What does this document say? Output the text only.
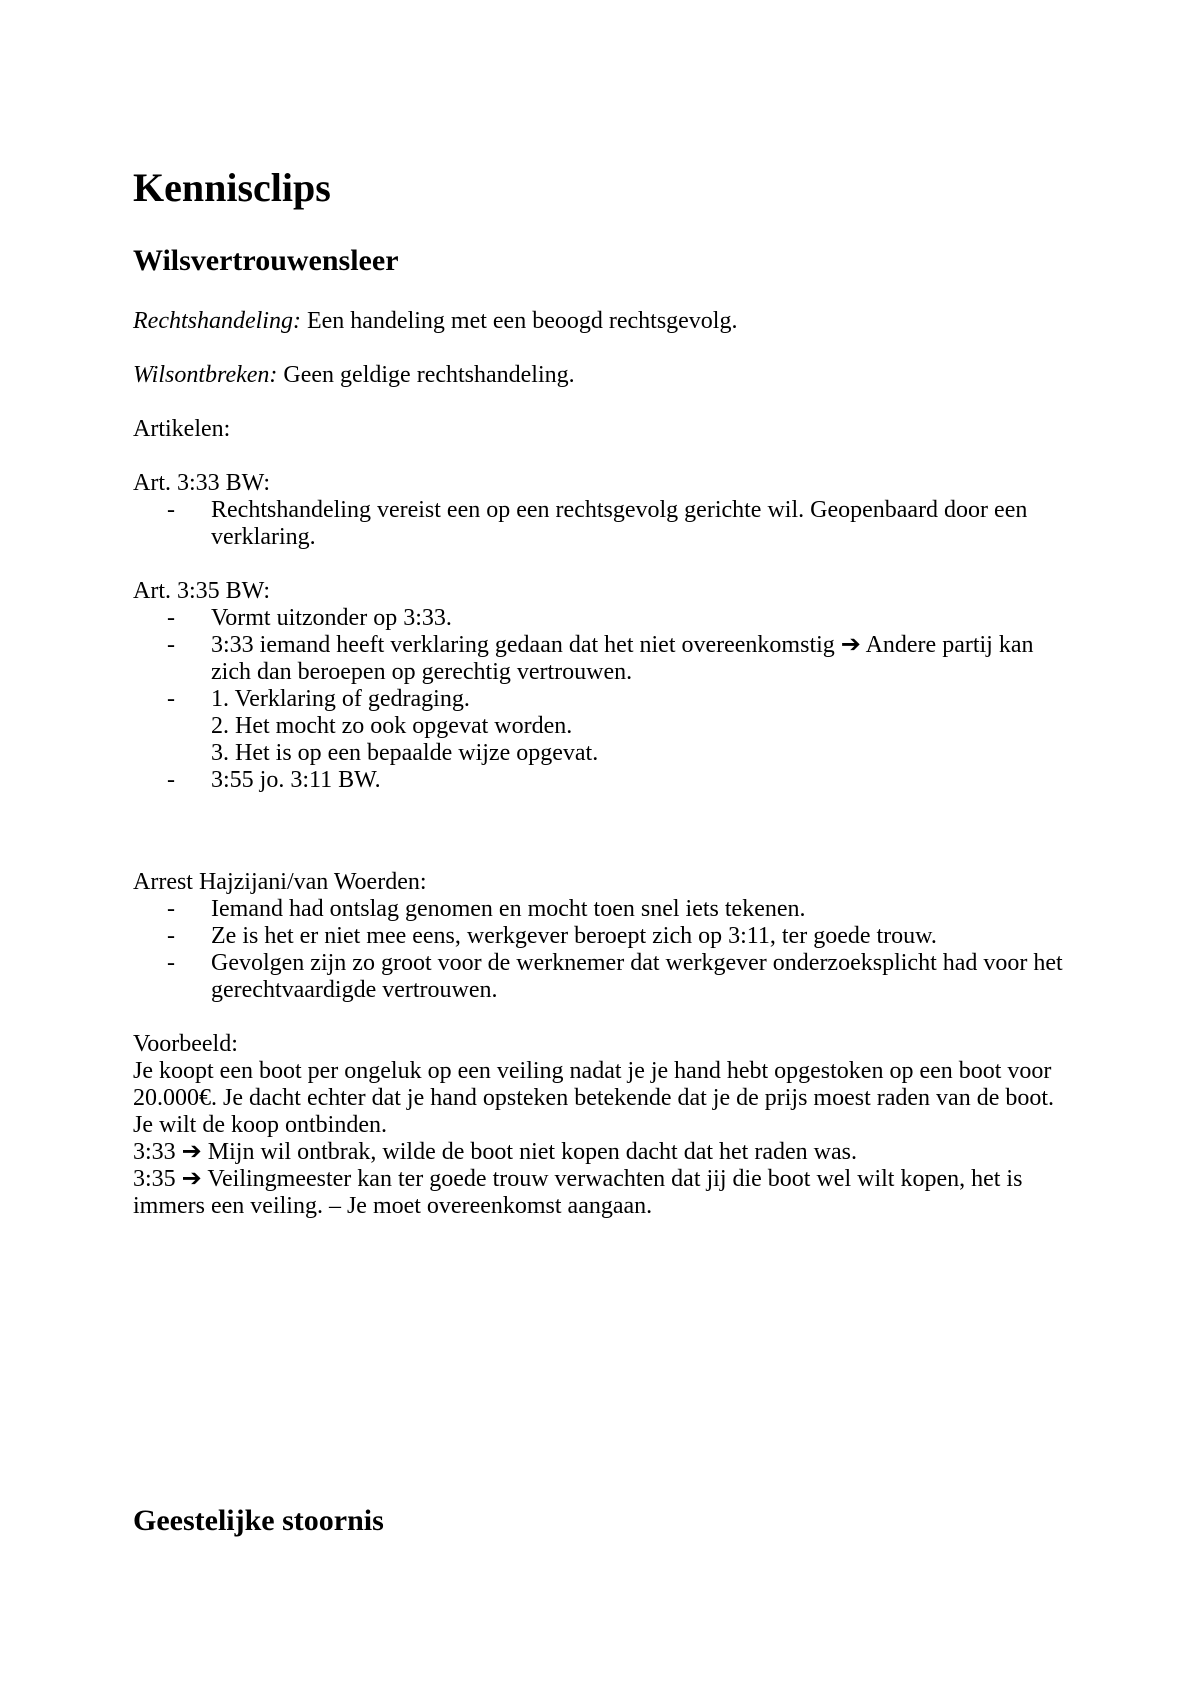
Kennisclips
Wilsvertrouwensleer

Rechtshandeling: Een handeling met een beoogd rechtsgevolg.

Wilsontbreken: Geen geldige rechtshandeling.

Artikelen:

Art. 3:33 BW:
-	Rechtshandeling vereist een op een rechtsgevolg gerichte wil. Geopenbaard door een verklaring.
Art. 3:35 BW:
-	Vormt uitzonder op 3:33.
-	3:33 iemand heeft verklaring gedaan dat het niet overeenkomstig ➔ Andere partij kan zich dan beroepen op gerechtig vertrouwen.
-	1. Verklaring of gedraging.
2. Het mocht zo ook opgevat worden.
3. Het is op een bepaalde wijze opgevat.
-	3:55 jo. 3:11 BW.
Arrest Hajzijani/van Woerden:
-	Iemand had ontslag genomen en mocht toen snel iets tekenen.
-	Ze is het er niet mee eens, werkgever beroept zich op 3:11, ter goede trouw.
-	Gevolgen zijn zo groot voor de werknemer dat werkgever onderzoeksplicht had voor het gerechtvaardigde vertrouwen.
Voorbeeld:
Je koopt een boot per ongeluk op een veiling nadat je je hand hebt opgestoken op een boot voor 20.000€. Je dacht echter dat je hand opsteken betekende dat je de prijs moest raden van de boot. Je wilt de koop ontbinden.
3:33 ➔ Mijn wil ontbrak, wilde de boot niet kopen dacht dat het raden was.
3:35 ➔ Veilingmeester kan ter goede trouw verwachten dat jij die boot wel wilt kopen, het is immers een veiling. – Je moet overeenkomst aangaan.
Geestelijke stoornis
